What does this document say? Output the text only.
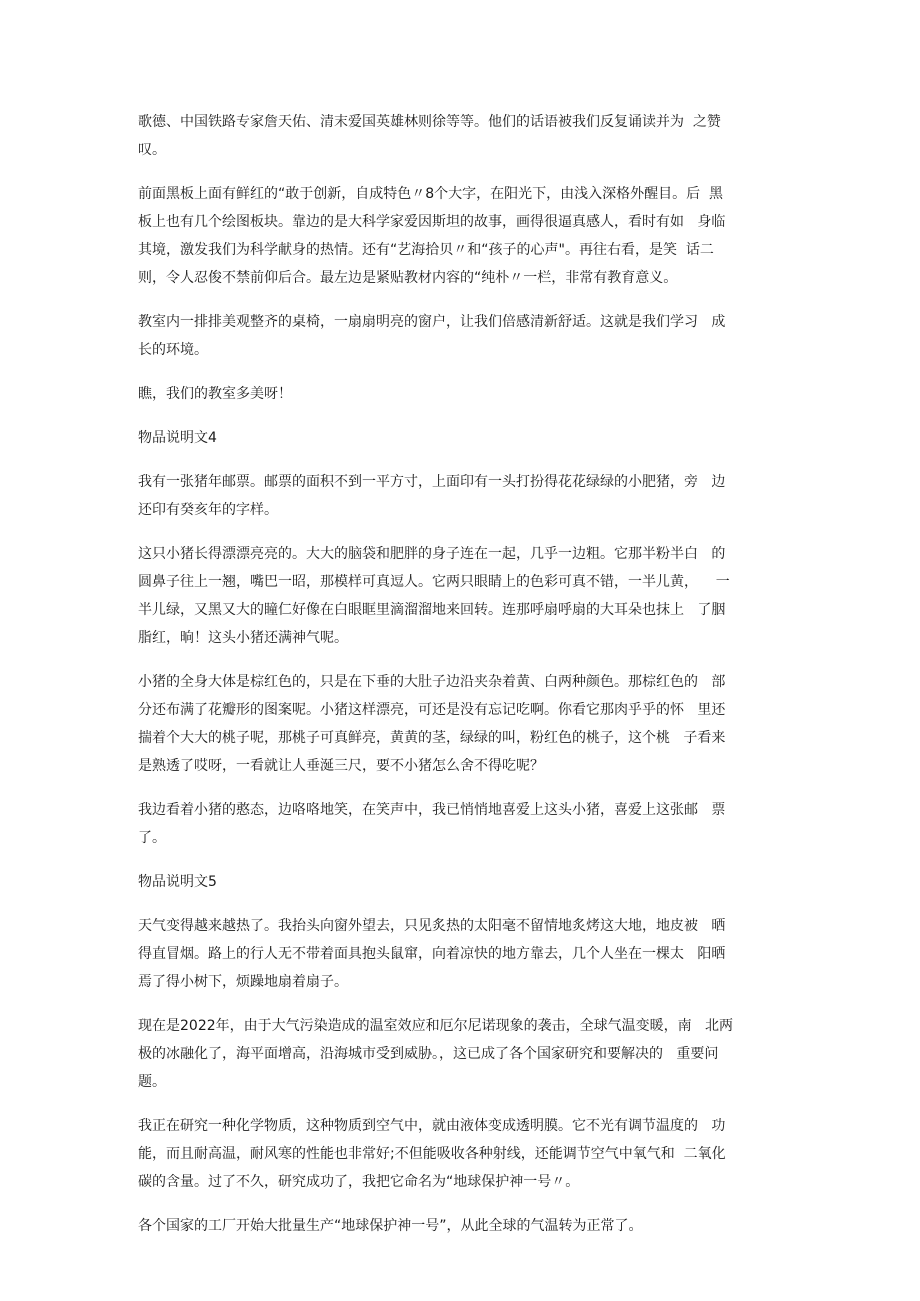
歌德、中国铁路专家詹天佑、清末爱国英雄林则徐等等。他们的话语被我们反复诵读并为  之赞
叹。

前面黑板上面有鲜红的“敢于创新，自成特色〃8个大字，在阳光下，由浅入深格外醒目。后  黑
板上也有几个绘图板块。靠边的是大科学家爱因斯坦的故事，画得很逼真感人，看时有如   身临
其境，激发我们为科学献身的热情。还有“艺海拾贝〃和“孩子的心声"。再往右看，是笑  话二
则，令人忍俊不禁前仰后合。最左边是紧贴教材内容的“纯朴〃一栏，非常有教育意义。

教室内一排排美观整齐的桌椅，一扇扇明亮的窗户，让我们倍感清新舒适。这就是我们学习   成
长的环境。

瞧，我们的教室多美呀！

物品说明文4

我有一张猪年邮票。邮票的面积不到一平方寸，上面印有一头打扮得花花绿绿的小肥猪，旁   边
还印有癸亥年的字样。

这只小猪长得漂漂亮亮的。大大的脑袋和肥胖的身子连在一起，几乎一边粗。它那半粉半白   的
圆鼻子往上一翘，嘴巴一昭，那模样可真逗人。它两只眼睛上的色彩可真不错，一半儿黄，    一
半儿绿，又黑又大的瞳仁好像在白眼眶里滴溜溜地来回转。连那呼扇呼扇的大耳朵也抹上   了胭
脂红，晌！这头小猪还满神气呢。

小猪的全身大体是棕红色的，只是在下垂的大肚子边沿夹杂着黄、白两种颜色。那棕红色的   部
分还布满了花瓣形的图案呢。小猪这样漂亮，可还是没有忘记吃啊。你看它那肉乎乎的怀   里还
揣着个大大的桃子呢，那桃子可真鲜亮，黄黄的茎，绿绿的叫，粉红色的桃子，这个桃   子看来
是熟透了哎呀，一看就让人垂涎三尺，要不小猪怎么舍不得吃呢？

我边看着小猪的憨态，边咯咯地笑，在笑声中，我已悄悄地喜爱上这头小猪，喜爱上这张邮   票
了。

物品说明文5

天气变得越来越热了。我抬头向窗外望去，只见炙热的太阳毫不留情地炙烤这大地，地皮被   晒
得直冒烟。路上的行人无不带着面具抱头鼠窜，向着凉快的地方靠去，几个人坐在一棵太   阳晒
焉了得小树下，烦躁地扇着扇子。

现在是2022年，由于大气污染造成的温室效应和厄尔尼诺现象的袭击，全球气温变暖，南   北两
极的冰融化了，海平面增高，沿海城市受到威胁。，这已成了各个国家研究和要解决的   重要问
题。

我正在研究一种化学物质，这种物质到空气中，就由液体变成透明膜。它不光有调节温度的   功
能，而且耐高温，耐风寒的性能也非常好;不但能吸收各种射线，还能调节空气中氧气和  二氧化
碳的含量。过了不久，研究成功了，我把它命名为“地球保护神一号〃。

各个国家的工厂开始大批量生产“地球保护神一号”，从此全球的气温转为正常了。
